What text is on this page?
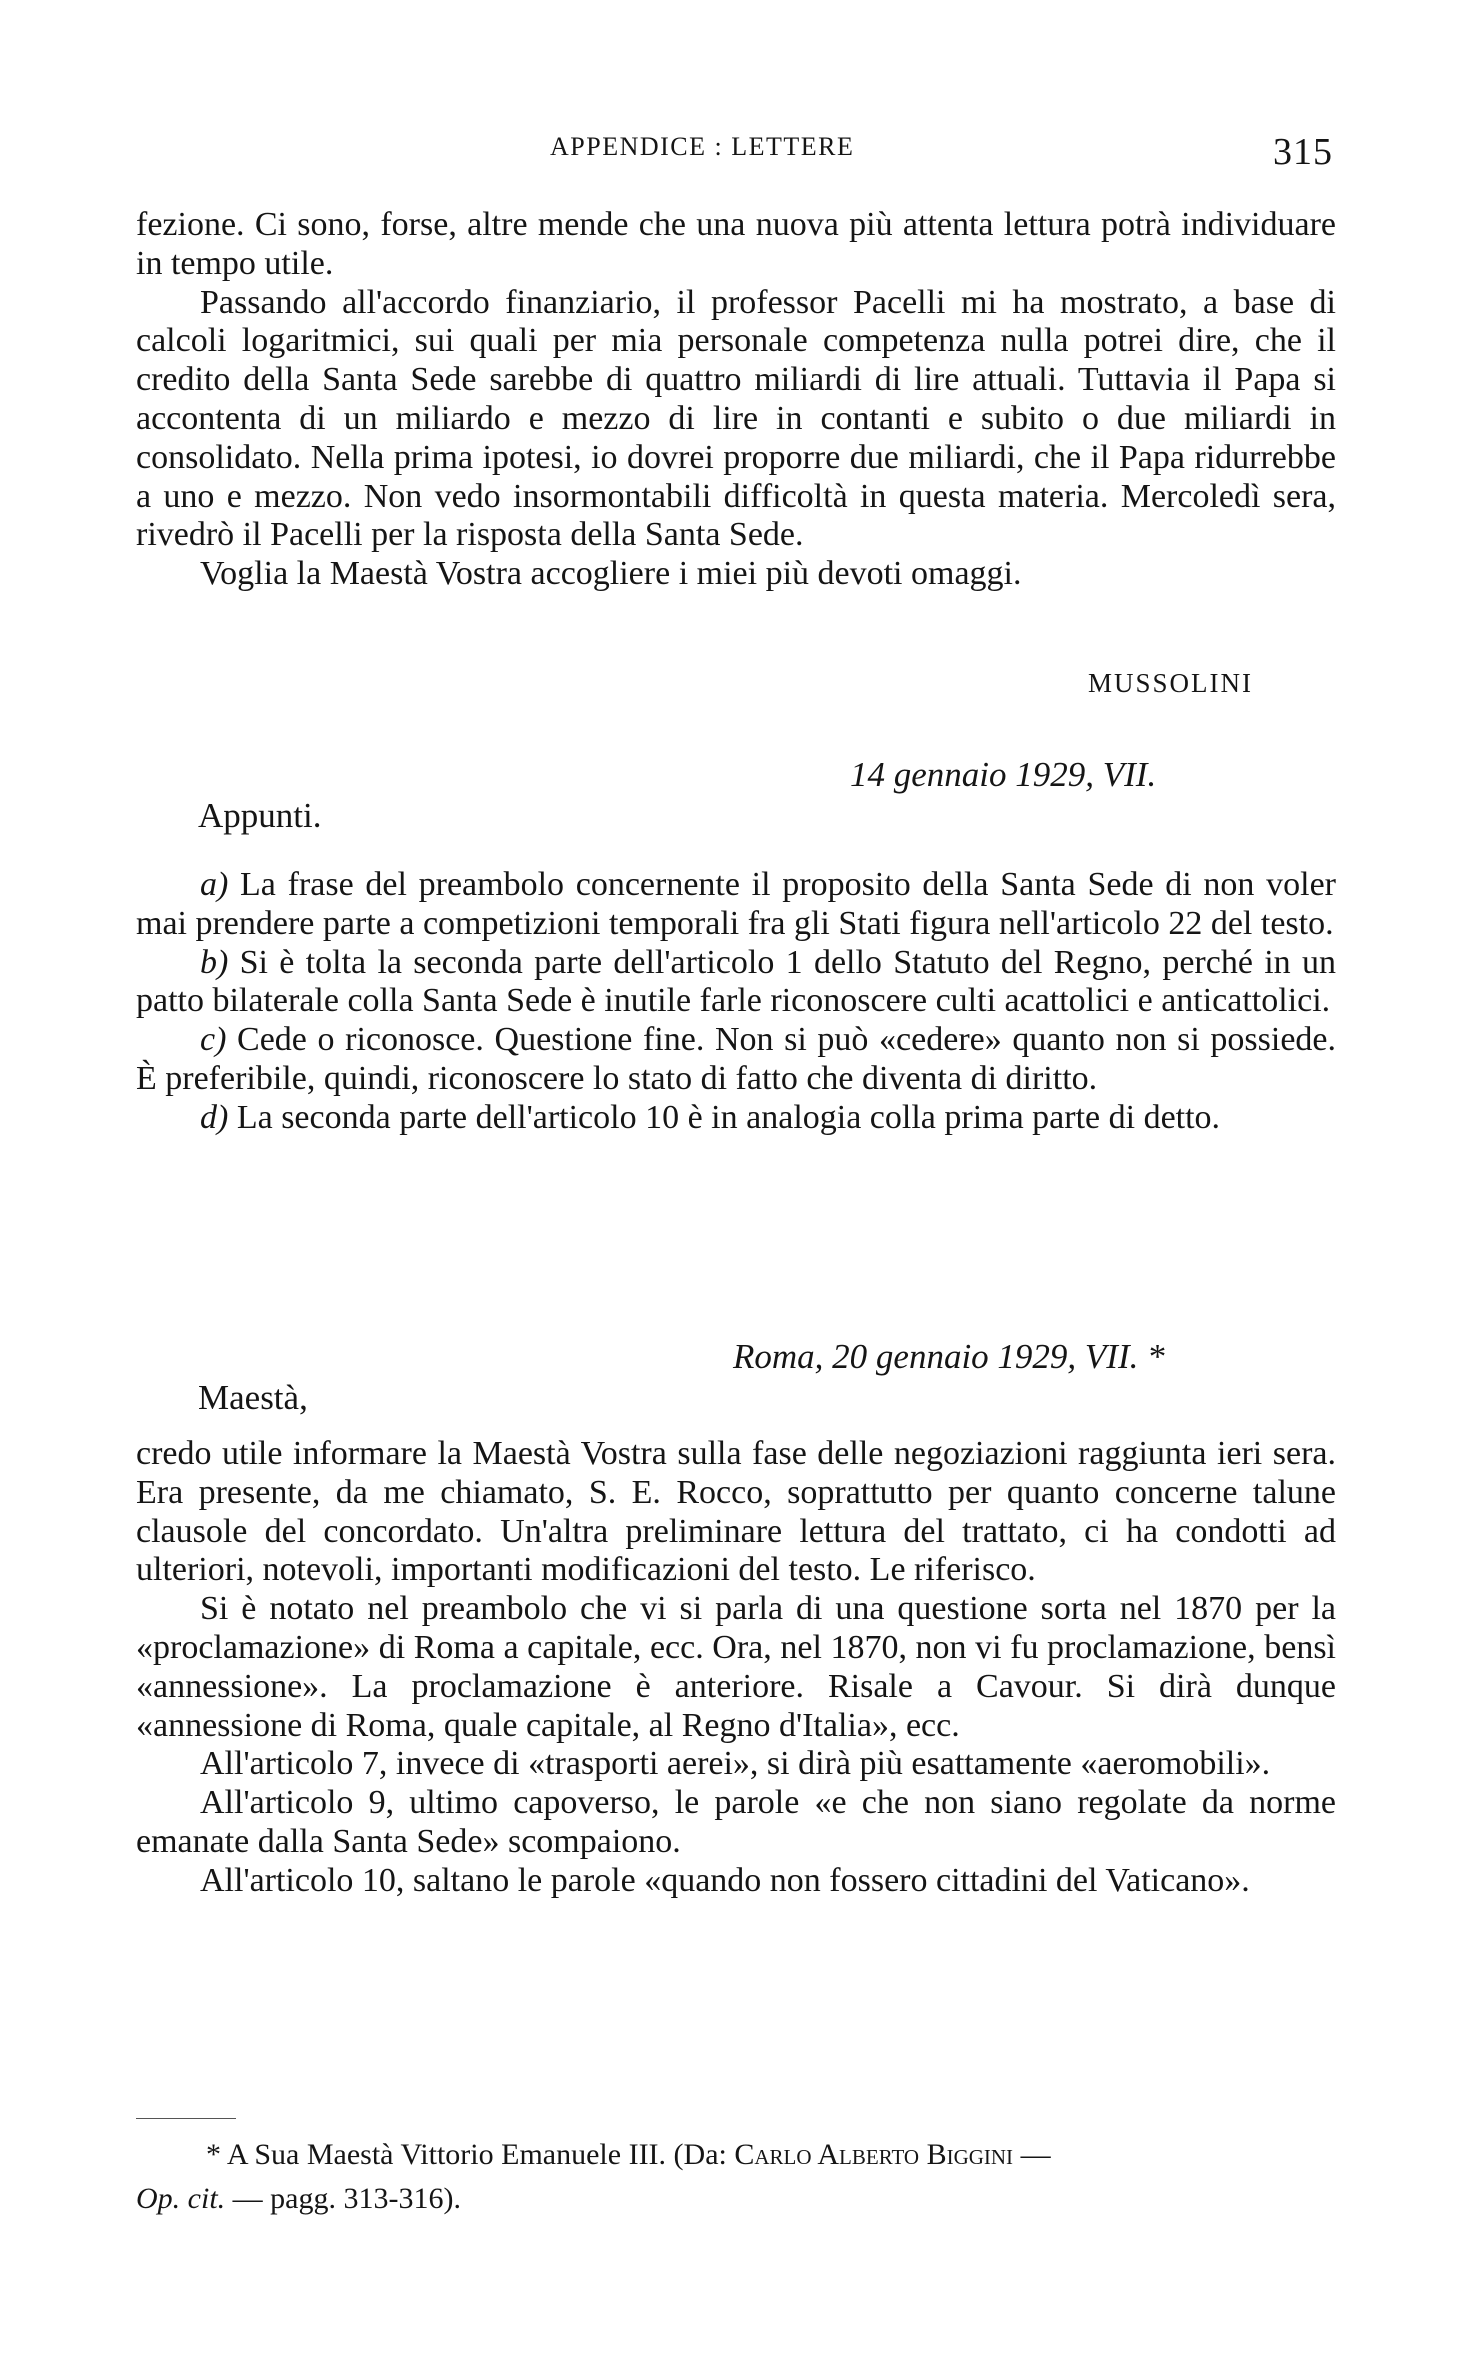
APPENDICE : LETTERE	315

fezione. Ci sono, forse, altre mende che una nuova più attenta lettura potrà individuare in tempo utile.

Passando all'accordo finanziario, il professor Pacelli mi ha mostrato, a base di calcoli logaritmici, sui quali per mia personale competenza nulla potrei dire, che il credito della Santa Sede sarebbe di quattro miliardi di lire attuali. Tuttavia il Papa si accontenta di un miliardo e mezzo di lire in contanti e subito o due miliardi in consolidato. Nella prima ipotesi, io dovrei proporre due miliardi, che il Papa ridurrebbe a uno e mezzo. Non vedo insormontabili difficoltà in questa materia. Mercoledì sera, rivedrò il Pacelli per la risposta della Santa Sede.

Voglia la Maestà Vostra accogliere i miei più devoti omaggi.

MUSSOLINI
14 gennaio 1929, VII.
Appunti.

a) La frase del preambolo concernente il proposito della Santa Sede di non voler mai prendere parte a competizioni temporali fra gli Stati figura nell'articolo 22 del testo.

b) Si è tolta la seconda parte dell'articolo 1 dello Statuto del Regno, perché in un patto bilaterale colla Santa Sede è inutile farle riconoscere culti acattolici e anticattolici.

c) Cede o riconosce. Questione fine. Non si può «cedere» quanto non si possiede. È preferibile, quindi, riconoscere lo stato di fatto che diventa di diritto.

d) La seconda parte dell'articolo 10 è in analogia colla prima parte di detto.

Roma, 20 gennaio 1929, VII. *
Maestà,

credo utile informare la Maestà Vostra sulla fase delle negoziazioni raggiunta ieri sera. Era presente, da me chiamato, S. E. Rocco, soprattutto per quanto concerne talune clausole del concordato. Un'altra preliminare lettura del trattato, ci ha condotti ad ulteriori, notevoli, importanti modificazioni del testo. Le riferisco.

Si è notato nel preambolo che vi si parla di una questione sorta nel 1870 per la «proclamazione» di Roma a capitale, ecc. Ora, nel 1870, non vi fu proclamazione, bensì «annessione». La proclamazione è anteriore. Risale a Cavour. Si dirà dunque «annessione di Roma, quale capitale, al Regno d'Italia», ecc.

All'articolo 7, invece di «trasporti aerei», si dirà più esattamente «aeromobili».

All'articolo 9, ultimo capoverso, le parole «e che non siano regolate da norme emanate dalla Santa Sede» scompaiono.

All'articolo 10, saltano le parole «quando non fossero cittadini del Vaticano».

* A Sua Maestà Vittorio Emanuele III. (Da: Carlo Alberto Biggini —
Op. cit. — pagg. 313-316).
